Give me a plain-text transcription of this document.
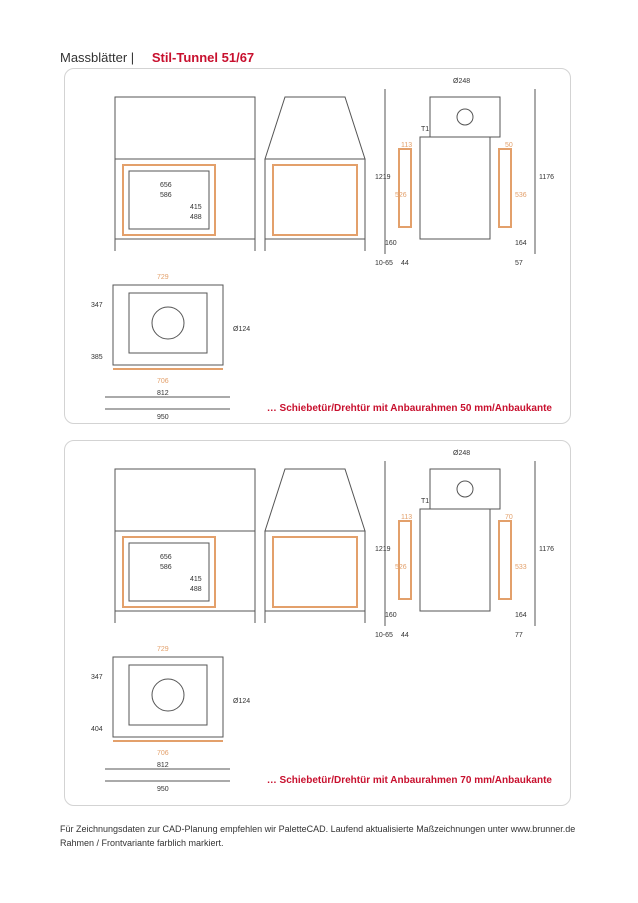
Massblätter | Stil-Tunnel 51/67
656
586
415
488
Ø248
T1
1219
113
526
50
536
1176
160	164
10-65 44	57
729
347
385
706
812
950
Ø124
… Schiebetür/Drehtür mit Anbaurahmen 50 mm/Anbaukante
656
586
415
488
Ø248
T1
1219
113
526
70
533
1176
160	164
10-65 44	77
729
347
404
706
812
950
Ø124
… Schiebetür/Drehtür mit Anbaurahmen 70 mm/Anbaukante
Für Zeichnungsdaten zur CAD-Planung empfehlen wir PaletteCAD. Laufend aktualisierte Maßzeichnungen unter www.brunner.de
Rahmen / Frontvariante farblich markiert.
